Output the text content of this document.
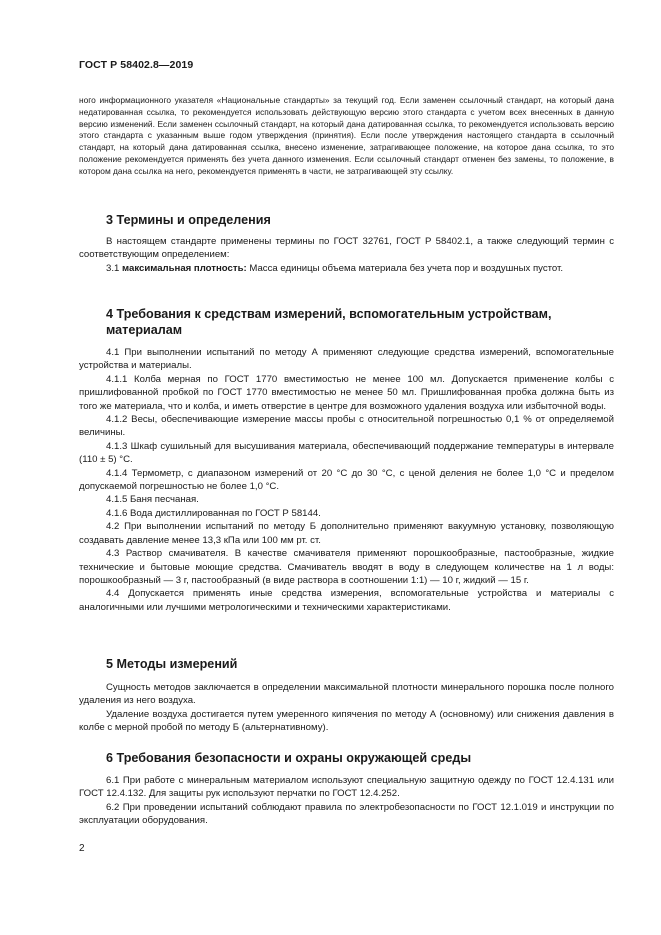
ГОСТ Р 58402.8—2019

ного информационного указателя «Национальные стандарты» за текущий год. Если заменен ссылочный стандарт, на который дана недатированная ссылка, то рекомендуется использовать действующую версию этого стандарта с учетом всех внесенных в данную версию изменений. Если заменен ссылочный стандарт, на который дана датированная ссылка, то рекомендуется использовать версию этого стандарта с указанным выше годом утверждения (принятия). Если после утверждения настоящего стандарта в ссылочный стандарт, на который дана датированная ссылка, внесено изменение, затрагивающее положение, на которое дана ссылка, то это положение рекомендуется применять без учета данного изменения. Если ссылочный стандарт отменен без замены, то положение, в котором дана ссылка на него, рекомендуется применять в части, не затрагивающей эту ссылку.

3 Термины и определения

В настоящем стандарте применены термины по ГОСТ 32761, ГОСТ Р 58402.1, а также следующий термин с соответствующим определением:

3.1 максимальная плотность: Масса единицы объема материала без учета пор и воздушных пустот.

4 Требования к средствам измерений, вспомогательным устройствам, материалам

4.1 При выполнении испытаний по методу А применяют следующие средства измерений, вспомогательные устройства и материалы.

4.1.1 Колба мерная по ГОСТ 1770 вместимостью не менее 100 мл. Допускается применение колбы с пришлифованной пробкой по ГОСТ 1770 вместимостью не менее 50 мл. Пришлифованная пробка должна быть из того же материала, что и колба, и иметь отверстие в центре для возможного удаления воздуха или избыточной воды.

4.1.2 Весы, обеспечивающие измерение массы пробы с относительной погрешностью 0,1 % от определяемой величины.

4.1.3 Шкаф сушильный для высушивания материала, обеспечивающий поддержание температуры в интервале (110 ± 5) °С.

4.1.4 Термометр, с диапазоном измерений от 20 °С до 30 °С, с ценой деления не более 1,0 °С и пределом допускаемой погрешностью не более 1,0 °С.

4.1.5 Баня песчаная.

4.1.6 Вода дистиллированная по ГОСТ Р 58144.

4.2 При выполнении испытаний по методу Б дополнительно применяют вакуумную установку, позволяющую создавать давление менее 13,3 кПа или 100 мм рт. ст.

4.3 Раствор смачивателя. В качестве смачивателя применяют порошкообразные, пастообразные, жидкие технические и бытовые моющие средства. Смачиватель вводят в воду в следующем количестве на 1 л воды: порошкообразный — 3 г, пастообразный (в виде раствора в соотношении 1:1) — 10 г, жидкий — 15 г.

4.4 Допускается применять иные средства измерения, вспомогательные устройства и материалы с аналогичными или лучшими метрологическими и техническими характеристиками.

5 Методы измерений

Сущность методов заключается в определении максимальной плотности минерального порошка после полного удаления из него воздуха.

Удаление воздуха достигается путем умеренного кипячения по методу А (основному) или снижения давления в колбе с мерной пробой по методу Б (альтернативному).

6 Требования безопасности и охраны окружающей среды

6.1 При работе с минеральным материалом используют специальную защитную одежду по ГОСТ 12.4.131 или ГОСТ 12.4.132. Для защиты рук используют перчатки по ГОСТ 12.4.252.

6.2 При проведении испытаний соблюдают правила по электробезопасности по ГОСТ 12.1.019 и инструкции по эксплуатации оборудования.

2
